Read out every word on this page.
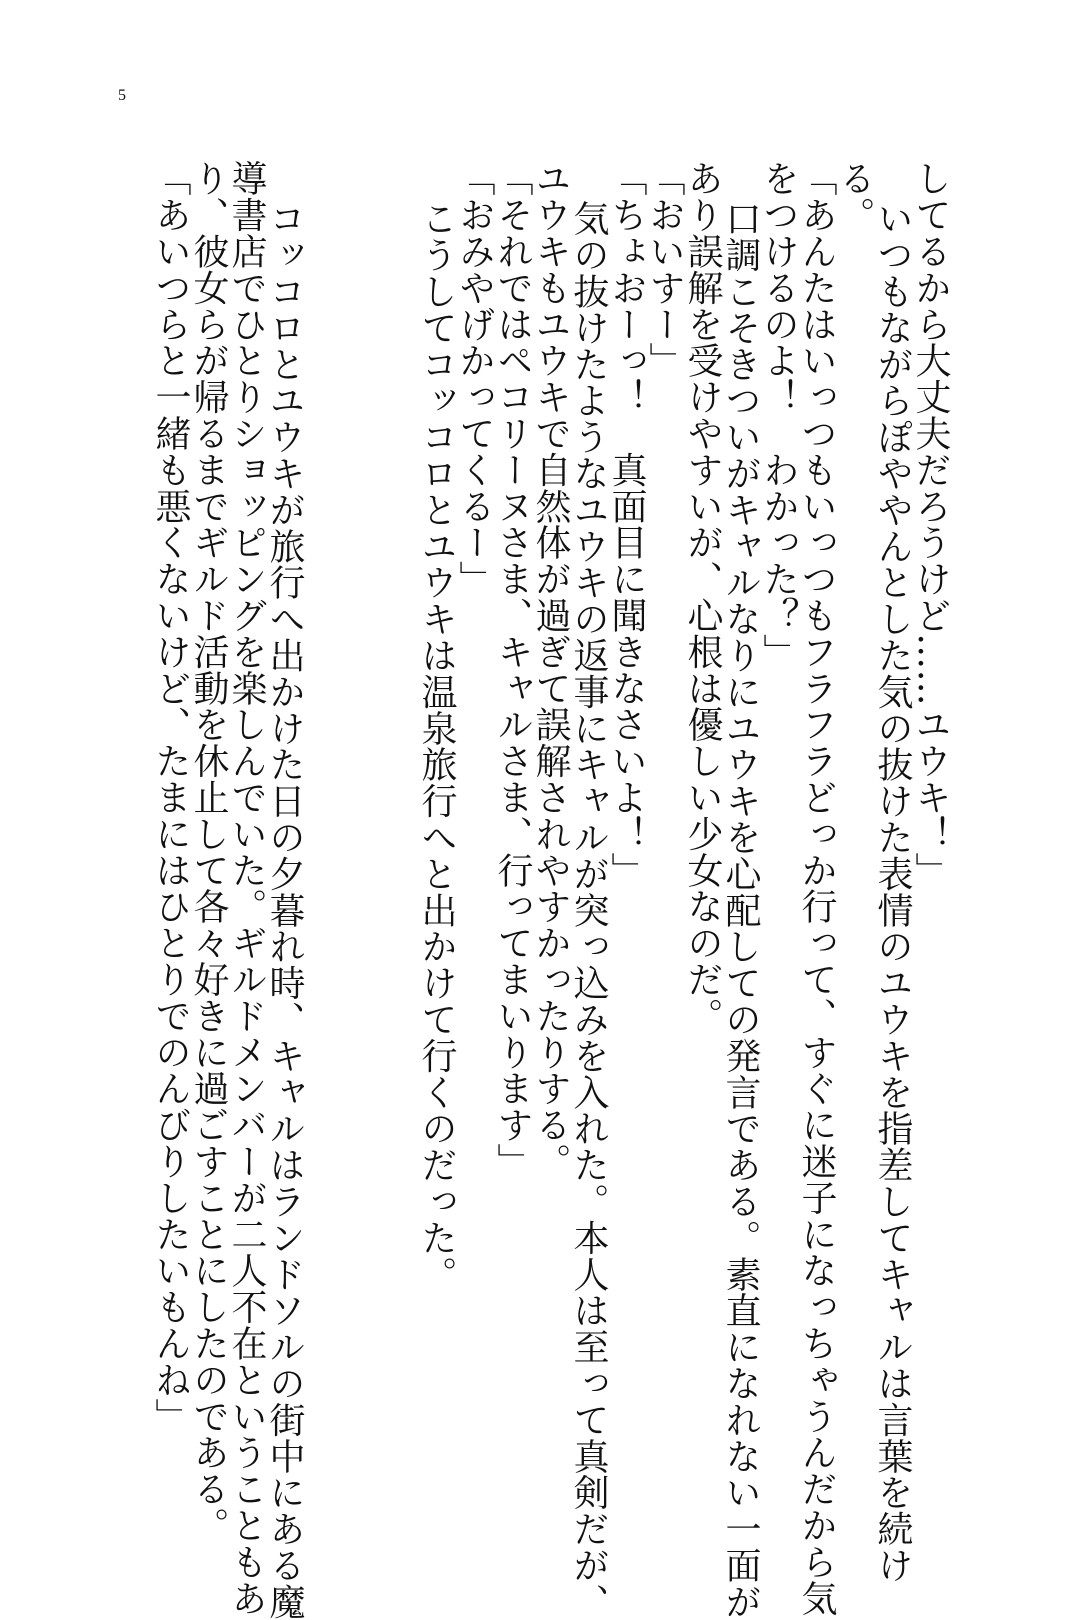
5
してるから大丈夫だろうけど……ユウキ！」
いつもながらぽややんとした気の抜けた表情のユウキを指差してキャルは言葉を続け
る。
「あんたはいっつもいっつもフラフラどっか行って、すぐに迷子になっちゃうんだから気
をつけるのよ！　わかった？」
口調こそきついがキャルなりにユウキを心配しての発言である。素直になれない一面が
あり誤解を受けやすいが、心根は優しい少女なのだ。
「おいすー」
「ちょおーっ！　真面目に聞きなさいよ！」
気の抜けたようなユウキの返事にキャルが突っ込みを入れた。本人は至って真剣だが、
ユウキもユウキで自然体が過ぎて誤解されやすかったりする。
「それではペコリーヌさま、キャルさま、行ってまいります」
「おみやげかってくるー」
こうしてコッコロとユウキは温泉旅行へと出かけて行くのだった。
コッコロとユウキが旅行へ出かけた日の夕暮れ時、キャルはランドソルの街中にある魔
導書店でひとりショッピングを楽しんでいた。ギルドメンバーが二人不在ということもあ
り、彼女らが帰るまでギルド活動を休止して各々好きに過ごすことにしたのである。
「あいつらと一緒も悪くないけど、たまにはひとりでのんびりしたいもんね」
